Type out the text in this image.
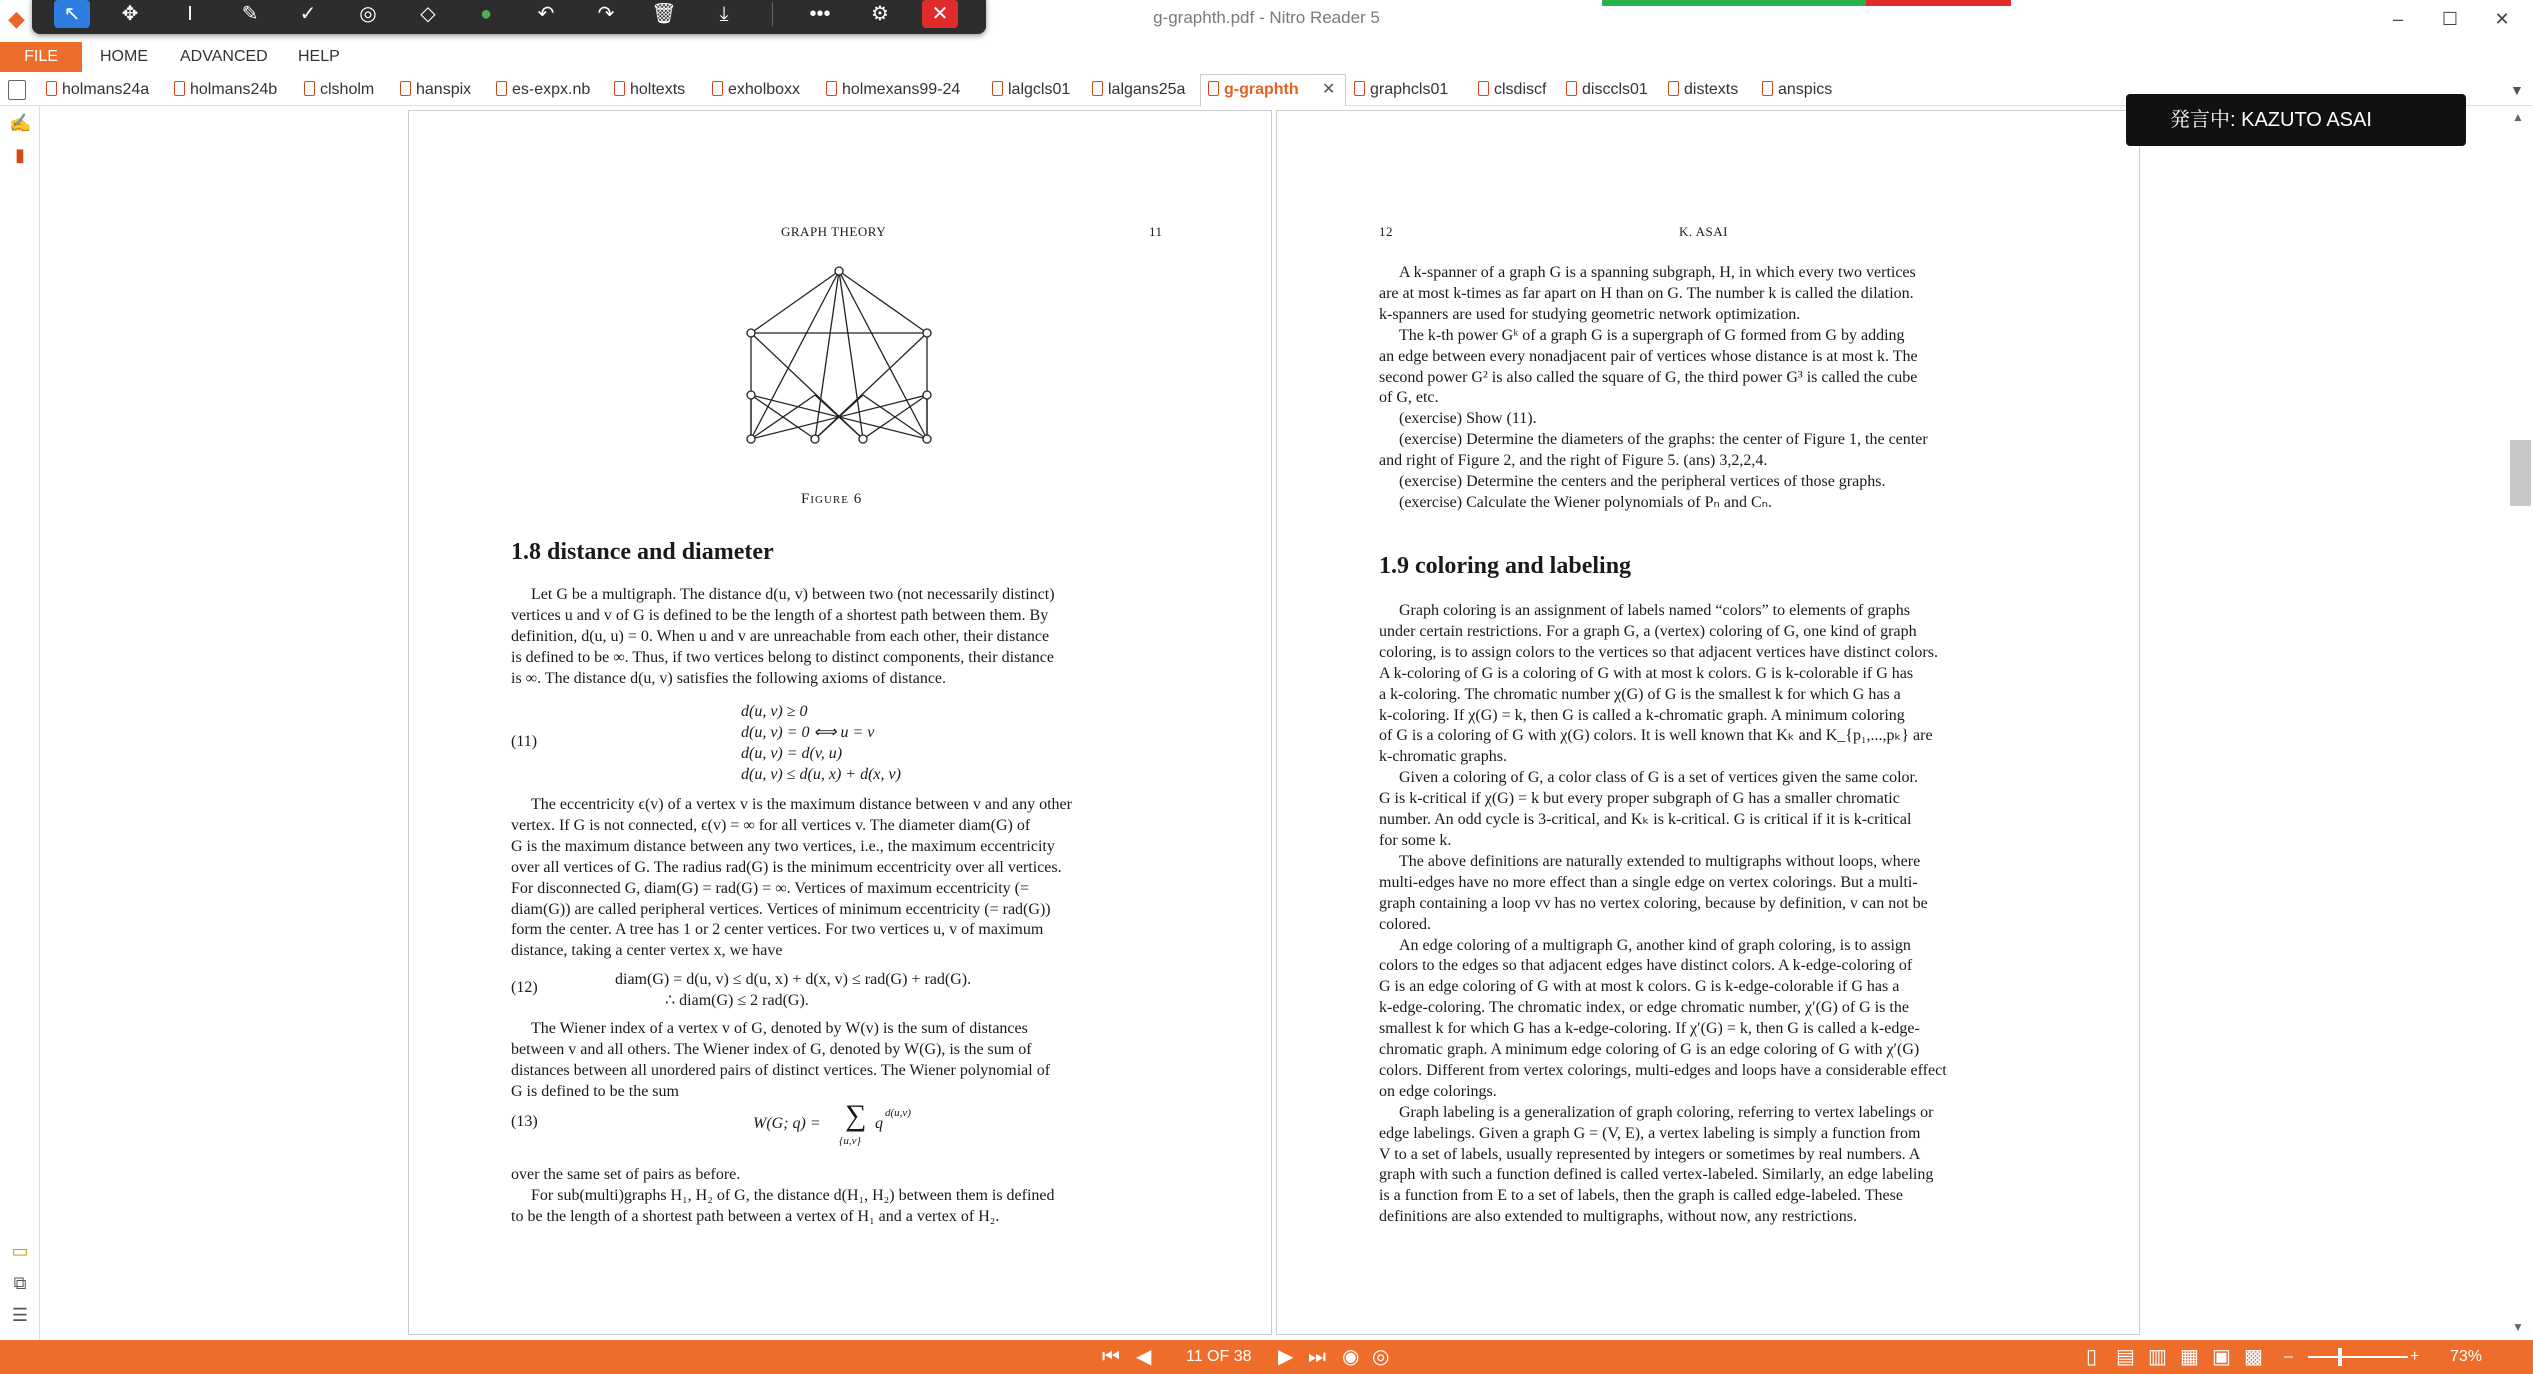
◆	g-graphth.pdf - Nitro Reader 5	–	☐	✕
↖	✥	I	✎	✓	◎	◇	●	↶	↷	🗑	⤓	•••	⚙	✕
FILE	HOME	ADVANCED	HELP
holmans24a	holmans24b	clsholm	hanspix	es-expx.nb	holtexts	exholboxx	holmexans99-24	lalgcls01	lalgans25a	g-graphth ✕	graphcls01	clsdiscf	disccls01	distexts	anspics	▼
✍
▮
▭
⧉
☰
GRAPH THEORY	11
Figure 6
1.8 distance and diameter
Let G be a multigraph. The distance d(u, v) between two (not necessarily distinct)
vertices u and v of G is defined to be the length of a shortest path between them. By
definition, d(u, u) = 0. When u and v are unreachable from each other, their distance
is defined to be ∞. Thus, if two vertices belong to distinct components, their distance
is ∞. The distance d(u, v) satisfies the following axioms of distance.
(11)
d(u, v) ≥ 0
d(u, v) = 0 ⟺ u = v
d(u, v) = d(v, u)
d(u, v) ≤ d(u, x) + d(x, v)
The eccentricity ϵ(v) of a vertex v is the maximum distance between v and any other
vertex. If G is not connected, ϵ(v) = ∞ for all vertices v. The diameter diam(G) of
G is the maximum distance between any two vertices, i.e., the maximum eccentricity
over all vertices of G. The radius rad(G) is the minimum eccentricity over all vertices.
For disconnected G, diam(G) = rad(G) = ∞. Vertices of maximum eccentricity (=
diam(G)) are called peripheral vertices. Vertices of minimum eccentricity (= rad(G))
form the center. A tree has 1 or 2 center vertices. For two vertices u, v of maximum
distance, taking a center vertex x, we have
(12)	diam(G) = d(u, v) ≤ d(u, x) + d(x, v) ≤ rad(G) + rad(G).
∴ diam(G) ≤ 2 rad(G).
The Wiener index of a vertex v of G, denoted by W(v) is the sum of distances
between v and all others. The Wiener index of G, denoted by W(G), is the sum of
distances between all unordered pairs of distinct vertices. The Wiener polynomial of
G is defined to be the sum
(13)	W(G; q) = ∑
{u,v}
q
d(u,v)
over the same set of pairs as before.
For sub(multi)graphs H₁, H₂ of G, the distance d(H₁, H₂) between them is defined
to be the length of a shortest path between a vertex of H₁ and a vertex of H₂.
12	K. ASAI
A k-spanner of a graph G is a spanning subgraph, H, in which every two vertices
are at most k-times as far apart on H than on G. The number k is called the dilation.
k-spanners are used for studying geometric network optimization.
The k-th power Gᵏ of a graph G is a supergraph of G formed from G by adding
an edge between every nonadjacent pair of vertices whose distance is at most k. The
second power G² is also called the square of G, the third power G³ is called the cube
of G, etc.
(exercise) Show (11).
(exercise) Determine the diameters of the graphs: the center of Figure 1, the center
and right of Figure 2, and the right of Figure 5. (ans) 3,2,2,4.
(exercise) Determine the centers and the peripheral vertices of those graphs.
(exercise) Calculate the Wiener polynomials of Pₙ and Cₙ.
1.9 coloring and labeling
Graph coloring is an assignment of labels named “colors” to elements of graphs
under certain restrictions. For a graph G, a (vertex) coloring of G, one kind of graph
coloring, is to assign colors to the vertices so that adjacent vertices have distinct colors.
A k-coloring of G is a coloring of G with at most k colors. G is k-colorable if G has
a k-coloring. The chromatic number χ(G) of G is the smallest k for which G has a
k-coloring. If χ(G) = k, then G is called a k-chromatic graph. A minimum coloring
of G is a coloring of G with χ(G) colors. It is well known that Kₖ and K_{p₁,...,pₖ} are
k-chromatic graphs.
Given a coloring of G, a color class of G is a set of vertices given the same color.
G is k-critical if χ(G) = k but every proper subgraph of G has a smaller chromatic
number. An odd cycle is 3-critical, and Kₖ is k-critical. G is critical if it is k-critical
for some k.
The above definitions are naturally extended to multigraphs without loops, where
multi-edges have no more effect than a single edge on vertex colorings. But a multi-
graph containing a loop vv has no vertex coloring, because by definition, v can not be
colored.
An edge coloring of a multigraph G, another kind of graph coloring, is to assign
colors to the edges so that adjacent edges have distinct colors. A k-edge-coloring of
G is an edge coloring of G with at most k colors. G is k-edge-colorable if G has a
k-edge-coloring. The chromatic index, or edge chromatic number, χ′(G) of G is the
smallest k for which G has a k-edge-coloring. If χ′(G) = k, then G is called a k-edge-
chromatic graph. A minimum edge coloring of G is an edge coloring of G with χ′(G)
colors. Different from vertex colorings, multi-edges and loops have a considerable effect
on edge colorings.
Graph labeling is a generalization of graph coloring, referring to vertex labelings or
edge labelings. Given a graph G = (V, E), a vertex labeling is simply a function from
V to a set of labels, usually represented by integers or sometimes by real numbers. A
graph with such a function defined is called vertex-labeled. Similarly, an edge labeling
is a function from E to a set of labels, then the graph is called edge-labeled. These
definitions are also extended to multigraphs, without now, any restrictions.
発言中: KAZUTO ASAI	▲
▼
⏮ ◀ 11 OF 38 ▶ ⏭ ◉ ◎	▯ ▤ ▥ ▦ ▣ ▩ –	+ 73%
